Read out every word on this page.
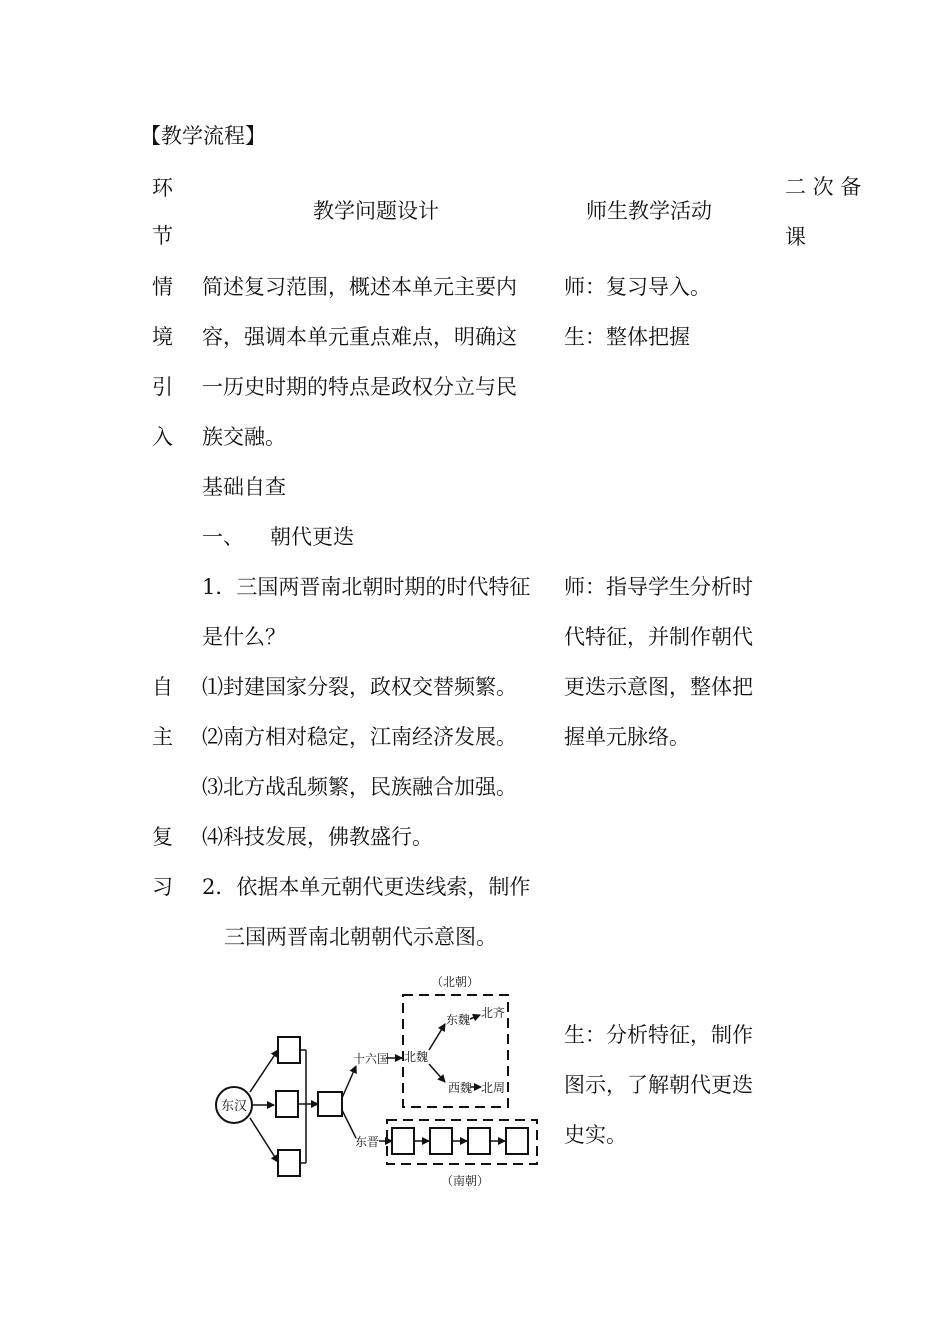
【教学流程】
环
节
教学问题设计	师生教学活动
二 次 备
课
情
境
引
入
简述复习范围，概述本单元主要内
容，强调本单元重点难点，明确这
一历史时期的特点是政权分立与民
族交融。
师：复习导入。
生：整体把握
基础自查
一、 朝代更迭
1．三国两晋南北朝时期的时代特征
是什么？
⑴封建国家分裂，政权交替频繁。
⑵南方相对稳定，江南经济发展。
⑶北方战乱频繁，民族融合加强。
⑷科技发展，佛教盛行。
2．依据本单元朝代更迭线索，制作
三国两晋南北朝朝代示意图。
自
主
复
习
师：指导学生分析时
代特征，并制作朝代
更迭示意图，整体把
握单元脉络。
生：分析特征，制作
图示，了解朝代更迭
史实。
东汉
十六国
东晋
（北朝）
北魏
东魏 北齐
西魏 北周
（南朝）
